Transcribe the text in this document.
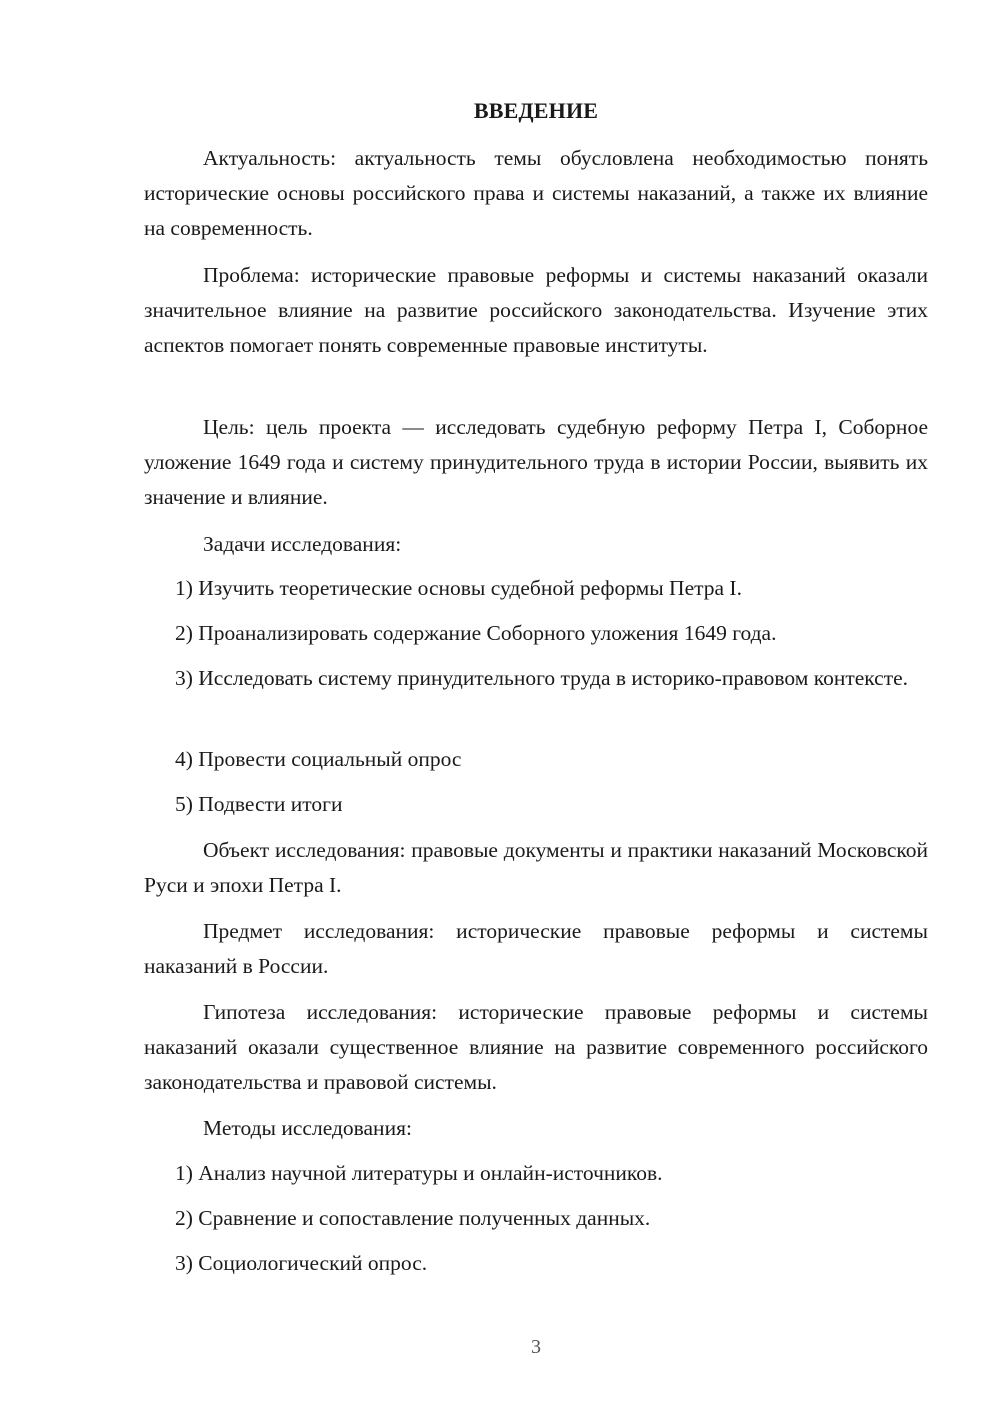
ВВЕДЕНИЕ

Актуальность: актуальность темы обусловлена необходимостью понять исторические основы российского права и системы наказаний, а также их влияние на современность.

Проблема: исторические правовые реформы и системы наказаний оказали значительное влияние на развитие российского законодательства. Изучение этих аспектов помогает понять современные правовые институты.

Цель: цель проекта — исследовать судебную реформу Петра I, Соборное уложение 1649 года и систему принудительного труда в истории России, выявить их значение и влияние.

Задачи исследования:

1) Изучить теоретические основы судебной реформы Петра I.

2) Проанализировать содержание Соборного уложения 1649 года.

3) Исследовать систему принудительного труда в историко-правовом контексте.

4) Провести социальный опрос

5) Подвести итоги

Объект исследования: правовые документы и практики наказаний Московской Руси и эпохи Петра I.

Предмет исследования: исторические правовые реформы и системы наказаний в России.

Гипотеза исследования: исторические правовые реформы и системы наказаний оказали существенное влияние на развитие современного российского законодательства и правовой системы.

Методы исследования:

1) Анализ научной литературы и онлайн-источников.

2) Сравнение и сопоставление полученных данных.

3) Социологический опрос.

3
